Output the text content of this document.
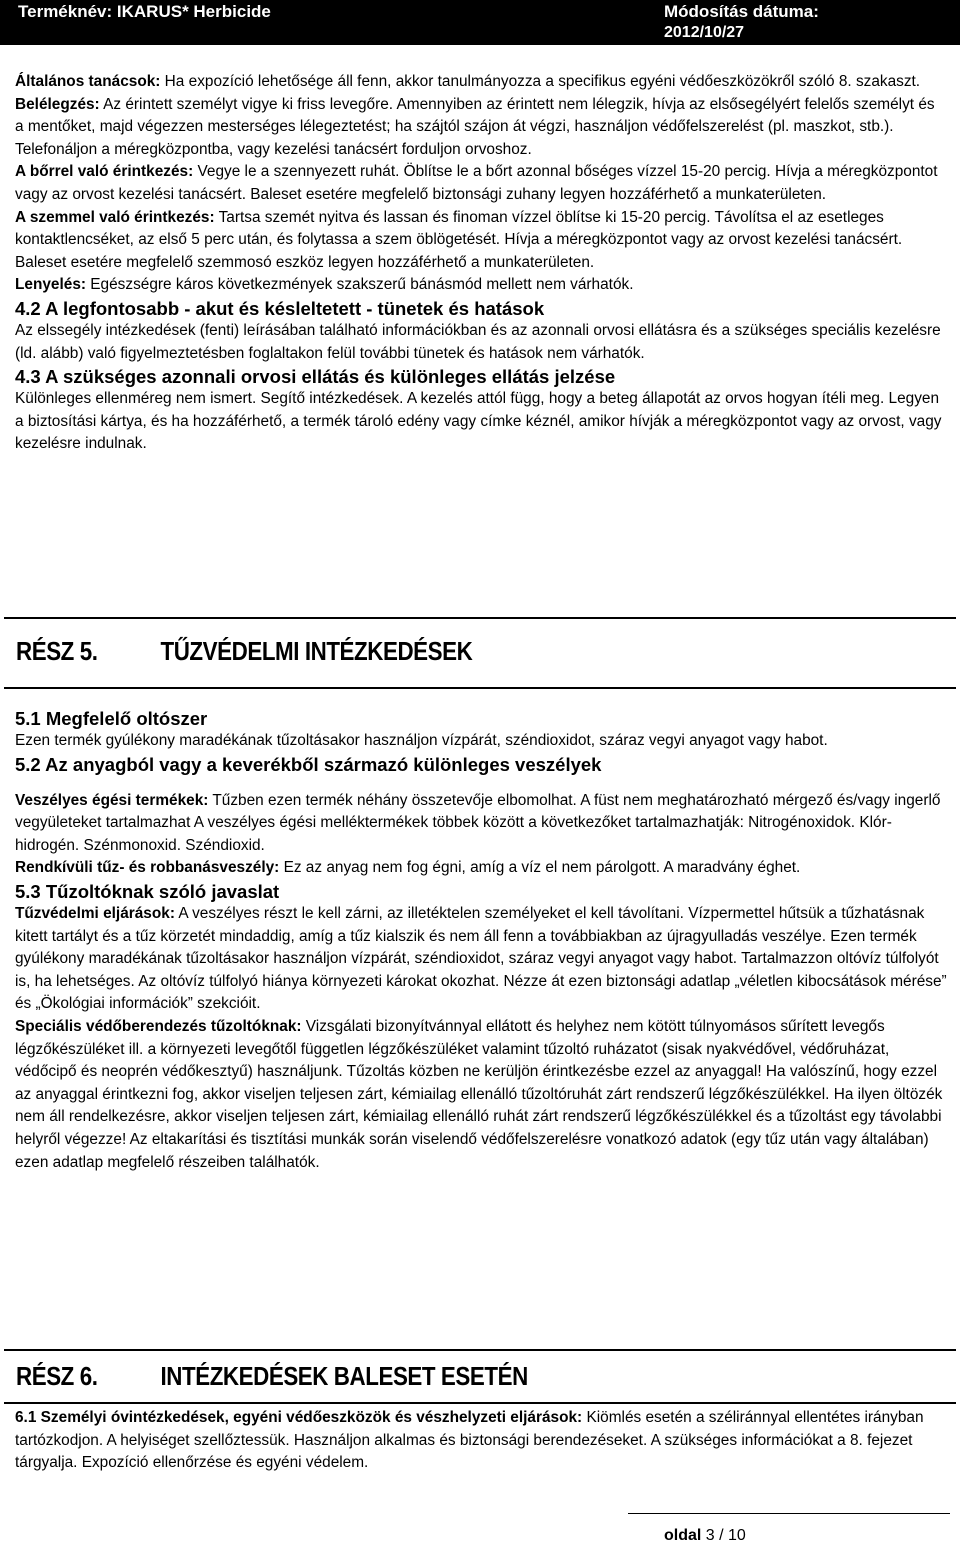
Terméknév: IKARUS* Herbicide	Módosítás dátuma:
2012/10/27

Általános tanácsok: Ha expozíció lehetősége áll fenn, akkor tanulmányozza a specifikus egyéni védőeszközökről szóló 8. szakaszt.

Belélegzés: Az érintett személyt vigye ki friss levegőre. Amennyiben az érintett nem lélegzik, hívja az elsősegélyért felelős személyt és a mentőket, majd végezzen mesterséges lélegeztetést; ha szájtól szájon át végzi, használjon védőfelszerelést (pl. maszkot, stb.). Telefonáljon a méregközpontba, vagy kezelési tanácsért forduljon orvoshoz.

A bőrrel való érintkezés: Vegye le a szennyezett ruhát. Öblítse le a bőrt azonnal bőséges vízzel 15-20 percig. Hívja a méregközpontot vagy az orvost kezelési tanácsért. Baleset esetére megfelelő biztonsági zuhany legyen hozzáférhető a munkaterületen.

A szemmel való érintkezés: Tartsa szemét nyitva és lassan és finoman vízzel öblítse ki 15-20 percig. Távolítsa el az esetleges kontaktlencséket, az első 5 perc után, és folytassa a szem öblögetését. Hívja a méregközpontot vagy az orvost kezelési tanácsért. Baleset esetére megfelelő szemmosó eszköz legyen hozzáférhető a munkaterületen.

Lenyelés: Egészségre káros következmények szakszerű bánásmód mellett nem várhatók.

4.2 A legfontosabb - akut és késleltetett - tünetek és hatások

Az elssegély intézkedések (fenti) leírásában található információkban és az azonnali orvosi ellátásra és a szükséges speciális kezelésre (ld. alább) való figyelmeztetésben foglaltakon felül további tünetek és hatások nem várhatók.

4.3 A szükséges azonnali orvosi ellátás és különleges ellátás jelzése

Különleges ellenméreg nem ismert. Segítő intézkedések. A kezelés attól függ, hogy a beteg állapotát az orvos hogyan ítéli meg. Legyen a biztosítási kártya, és ha hozzáférhető, a termék tároló edény vagy címke kéznél, amikor hívják a méregközpontot vagy az orvost, vagy kezelésre indulnak.

RÉSZ 5. TŰZVÉDELMI INTÉZKEDÉSEK

5.1 Megfelelő oltószer

Ezen termék gyúlékony maradékának tűzoltásakor használjon vízpárát, széndioxidot, száraz vegyi anyagot vagy habot.

5.2 Az anyagból vagy a keverékből származó különleges veszélyek

Veszélyes égési termékek: Tűzben ezen termék néhány összetevője elbomolhat. A füst nem meghatározható mérgező és/vagy ingerlő vegyületeket tartalmazhat A veszélyes égési melléktermékek többek között a következőket tartalmazhatják: Nitrogénoxidok. Klór-hidrogén. Szénmonoxid. Széndioxid.

Rendkívüli tűz- és robbanásveszély: Ez az anyag nem fog égni, amíg a víz el nem párolgott. A maradvány éghet.

5.3 Tűzoltóknak szóló javaslat

Tűzvédelmi eljárások: A veszélyes részt le kell zárni, az illetéktelen személyeket el kell távolítani. Vízpermettel hűtsük a tűzhatásnak kitett tartályt és a tűz körzetét mindaddig, amíg a tűz kialszik és nem áll fenn a továbbiakban az újragyulladás veszélye. Ezen termék gyúlékony maradékának tűzoltásakor használjon vízpárát, széndioxidot, száraz vegyi anyagot vagy habot. Tartalmazzon oltóvíz túlfolyót is, ha lehetséges. Az oltóvíz túlfolyó hiánya környezeti károkat okozhat. Nézze át ezen biztonsági adatlap „véletlen kibocsátások mérése” és „Ökológiai információk” szekcióit.

Speciális védőberendezés tűzoltóknak: Vizsgálati bizonyítvánnyal ellátott és helyhez nem kötött túlnyomásos sűrített levegős légzőkészüléket ill. a környezeti levegőtől független légzőkészüléket valamint tűzoltó ruházatot (sisak nyakvédővel, védőruházat, védőcipő és neoprén védőkesztyű) használjunk. Tűzoltás közben ne kerüljön érintkezésbe ezzel az anyaggal! Ha valószínű, hogy ezzel az anyaggal érintkezni fog, akkor viseljen teljesen zárt, kémiailag ellenálló tűzoltóruhát zárt rendszerű légzőkészülékkel. Ha ilyen öltözék nem áll rendelkezésre, akkor viseljen teljesen zárt, kémiailag ellenálló ruhát zárt rendszerű légzőkészülékkel és a tűzoltást egy távolabbi helyről végezze! Az eltakarítási és tisztítási munkák során viselendő védőfelszerelésre vonatkozó adatok (egy tűz után vagy általában) ezen adatlap megfelelő részeiben találhatók.

RÉSZ 6. INTÉZKEDÉSEK BALESET ESETÉN

6.1 Személyi óvintézkedések, egyéni védőeszközök és vészhelyzeti eljárások: Kiömlés esetén a széliránnyal ellentétes irányban tartózkodjon. A helyiséget szellőztessük. Használjon alkalmas és biztonsági berendezéseket. A szükséges információkat a 8. fejezet tárgyalja. Expozíció ellenőrzése és egyéni védelem.

oldal 3 / 10
